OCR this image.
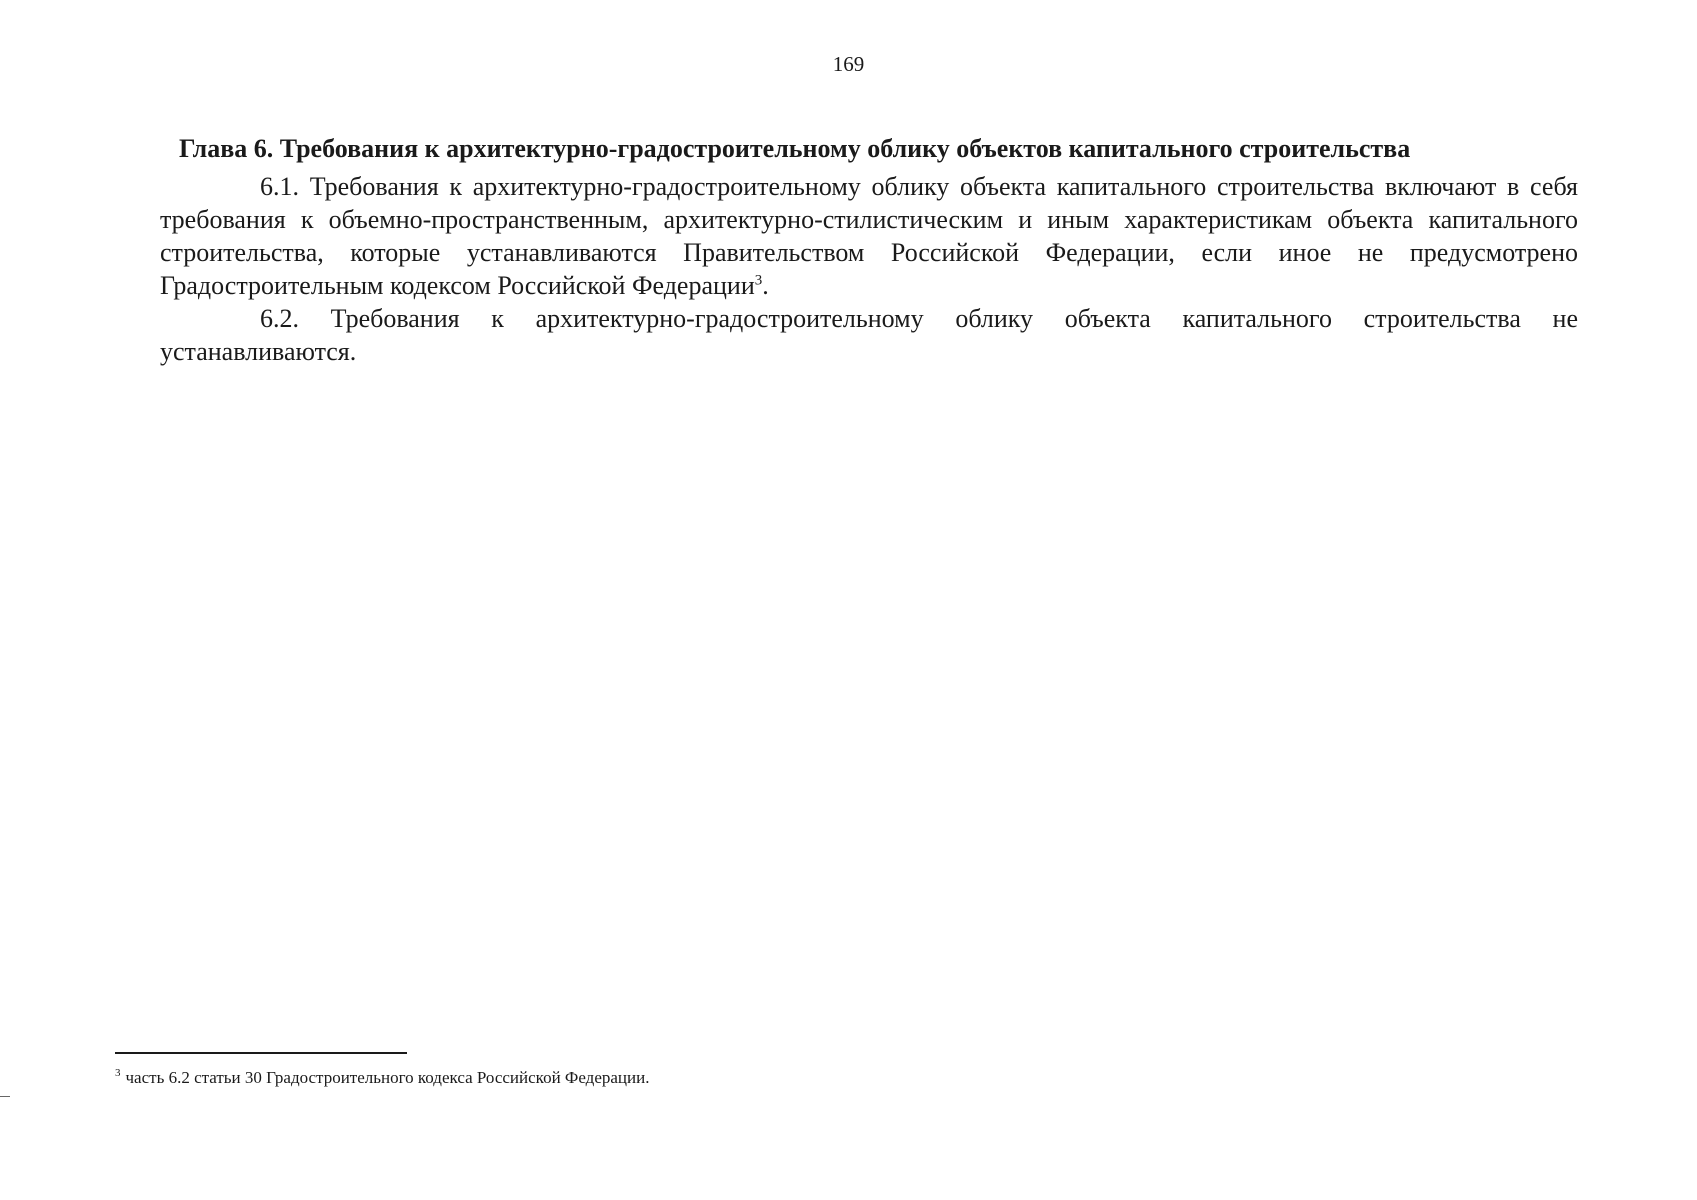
169
Глава 6. Требования к архитектурно-градостроительному облику объектов капитального строительства

6.1. Требования к архитектурно-градостроительному облику объекта капитального строительства включают в себя требования к объемно-пространственным, архитектурно-стилистическим и иным характеристикам объекта капитального строительства, которые устанавливаются Правительством Российской Федерации, если иное не предусмотрено Градостроительным кодексом Российской Федерации$^3$.

6.2. Требования к архитектурно-градостроительному облику объекта капитального строительства не устанавливаются.

$^3$ часть 6.2 статьи 30 Градостроительного кодекса Российской Федерации.
